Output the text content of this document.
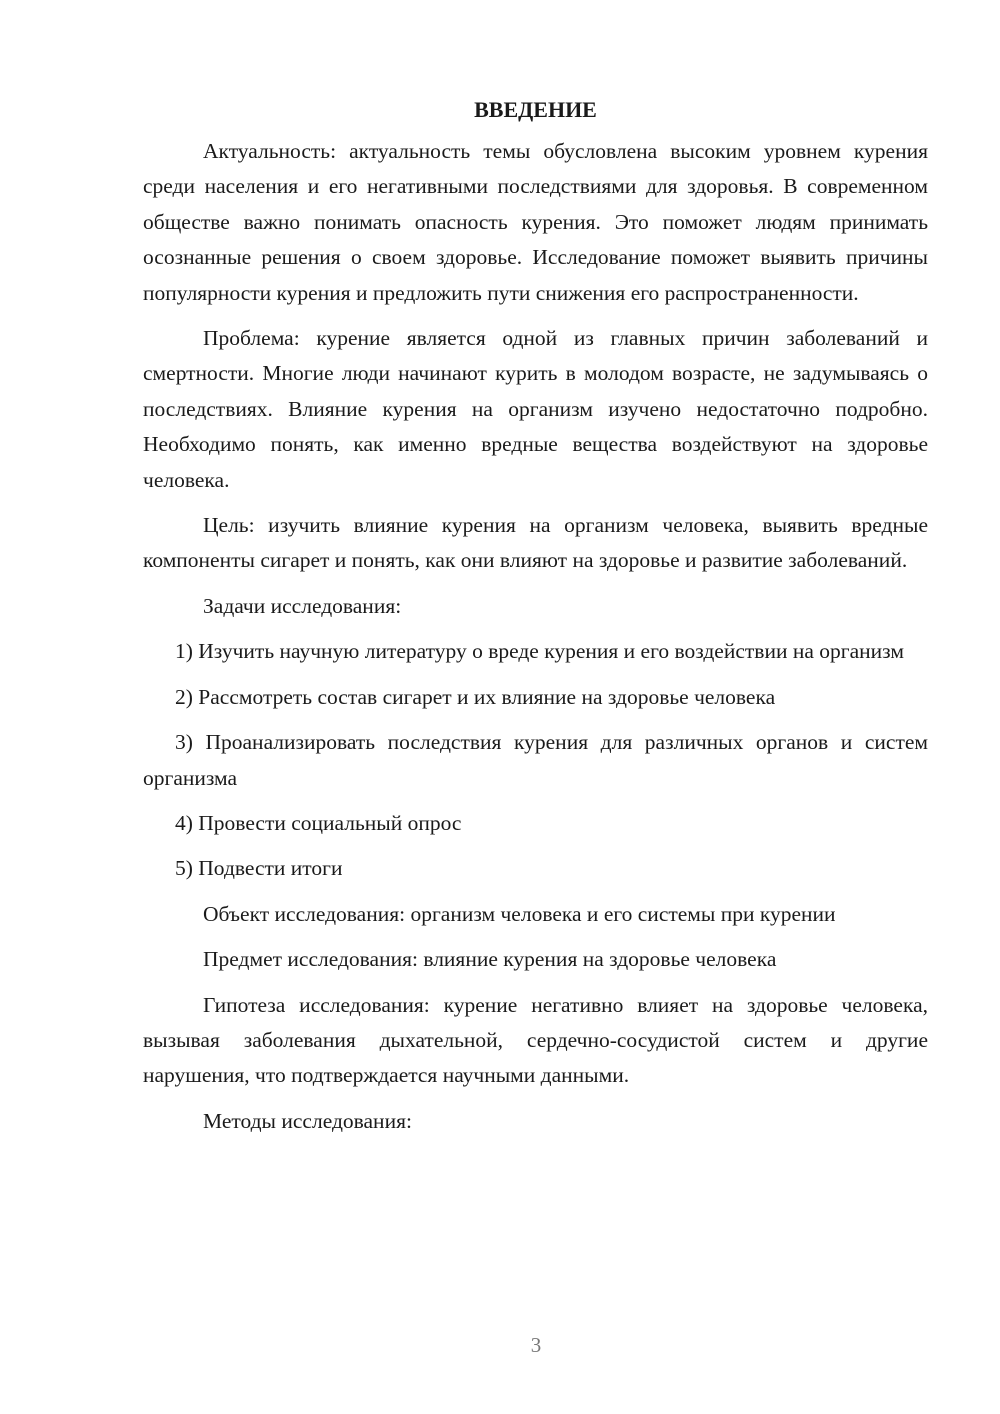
ВВЕДЕНИЕ

Актуальность: актуальность темы обусловлена высоким уровнем курения среди населения и его негативными последствиями для здоровья. В современном обществе важно понимать опасность курения. Это поможет людям принимать осознанные решения о своем здоровье. Исследование поможет выявить причины популярности курения и предложить пути снижения его распространенности.

Проблема: курение является одной из главных причин заболеваний и смертности. Многие люди начинают курить в молодом возрасте, не задумываясь о последствиях. Влияние курения на организм изучено недостаточно подробно. Необходимо понять, как именно вредные вещества воздействуют на здоровье человека.

Цель: изучить влияние курения на организм человека, выявить вредные компоненты сигарет и понять, как они влияют на здоровье и развитие заболеваний.

Задачи исследования:

1) Изучить научную литературу о вреде курения и его воздействии на организм

2) Рассмотреть состав сигарет и их влияние на здоровье человека

3) Проанализировать последствия курения для различных органов и систем организма

4) Провести социальный опрос

5) Подвести итоги

Объект исследования: организм человека и его системы при курении

Предмет исследования: влияние курения на здоровье человека

Гипотеза исследования: курение негативно влияет на здоровье человека, вызывая заболевания дыхательной, сердечно-сосудистой систем и другие нарушения, что подтверждается научными данными.

Методы исследования:

3
